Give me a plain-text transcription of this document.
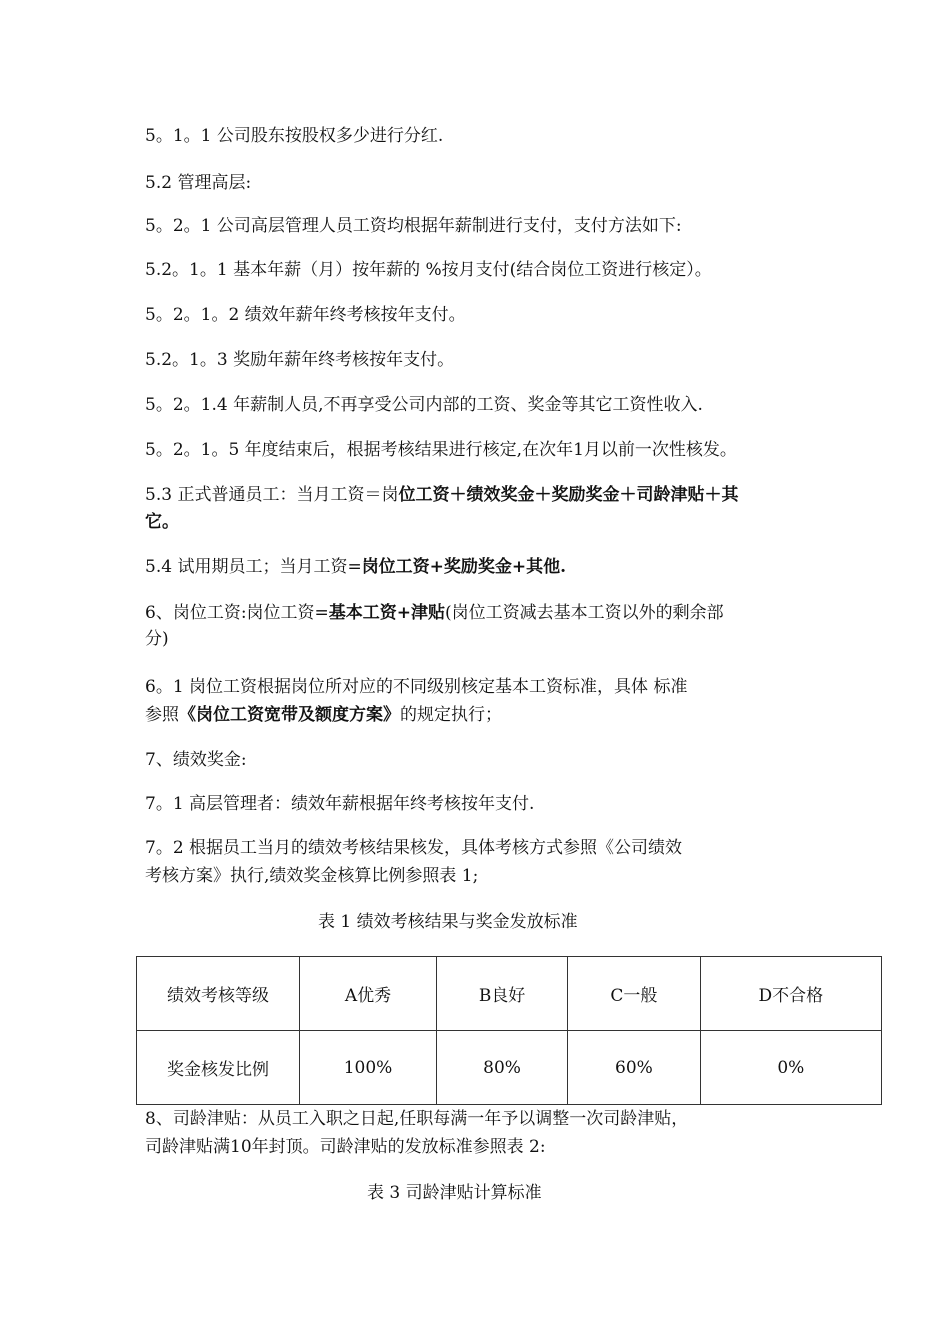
5。1。1 公司股东按股权多少进行分红.
5.2 管理高层:
5。2。1 公司高层管理人员工资均根据年薪制进行支付，支付方法如下:
5.2。1。1 基本年薪（月）按年薪的 %按月支付(结合岗位工资进行核定）。
5。2。1。2 绩效年薪年终考核按年支付。
5.2。1。3 奖励年薪年终考核按年支付。
5。2。1.4 年薪制人员,不再享受公司内部的工资、奖金等其它工资性收入.
5。2。1。5 年度结束后，根据考核结果进行核定,在次年1月以前一次性核发。
5.3 正式普通员工：当月工资＝岗位工资＋绩效奖金＋奖励奖金＋司龄津贴＋其
它。
5.4 试用期员工；当月工资=岗位工资+奖励奖金+其他.
6、岗位工资:岗位工资=基本工资+津贴(岗位工资减去基本工资以外的剩余部
分)
6。1 岗位工资根据岗位所对应的不同级别核定基本工资标准，具体 标准
参照《岗位工资宽带及额度方案》的规定执行；
7、绩效奖金:
7。1 高层管理者：绩效年薪根据年终考核按年支付.
7。2 根据员工当月的绩效考核结果核发，具体考核方式参照《公司绩效
考核方案》执行,绩效奖金核算比例参照表 1;
表 1 绩效考核结果与奖金发放标准
绩效考核等级	A优秀	B良好	C一般	D不合格
奖金核发比例	100%	80%	60%	0%
8、司龄津贴：从员工入职之日起,任职每满一年予以调整一次司龄津贴，
司龄津贴满10年封顶。司龄津贴的发放标准参照表 2:
表 3 司龄津贴计算标准
